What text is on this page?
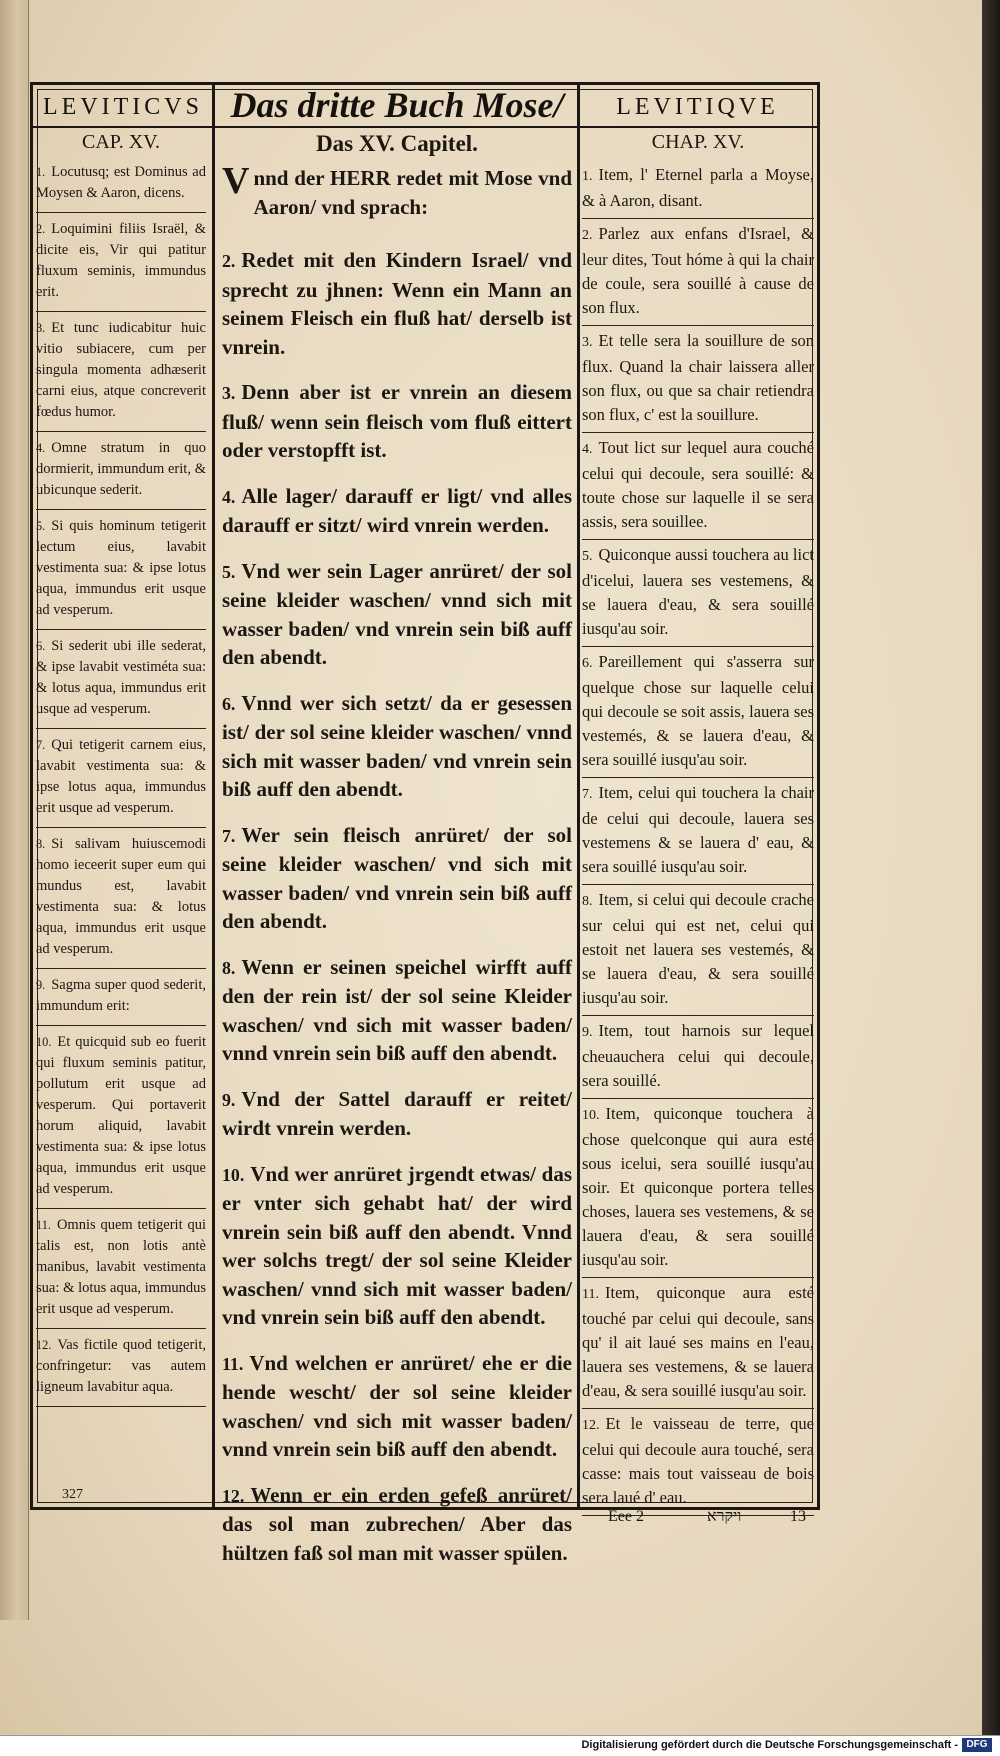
LEVITICVS Das dritte Buch Mose/	LEVITIQVE
CAP. XV.

1. Locutusq; est Dominus ad Moysen & Aaron, dicens.

2. Loquimini filiis Israël, & dicite eis, Vir qui patitur fluxum seminis, immundus erit.

3. Et tunc iudicabitur huic vitio subiacere, cum per singula momenta adhæserit carni eius, atque concreverit fœdus humor.

4. Omne stratum in quo dormierit, immundum erit, & ubicunque sederit.

5. Si quis hominum tetigerit lectum eius, lavabit vestimenta sua: & ipse lotus aqua, immundus erit usque ad vesperum.

6. Si sederit ubi ille sederat, & ipse lavabit vestiméta sua: & lotus aqua, immundus erit usque ad vesperum.

7. Qui tetigerit carnem eius, lavabit vestimenta sua: & ipse lotus aqua, immundus erit usque ad vesperum.

8. Si salivam huiuscemodi homo ieceerit super eum qui mundus est, lavabit vestimenta sua: & lotus aqua, immundus erit usque ad vesperum.

9. Sagma super quod sederit, immundum erit:

10. Et quicquid sub eo fuerit qui fluxum seminis patitur, pollutum erit usque ad vesperum. Qui portaverit horum aliquid, lavabit vestimenta sua: & ipse lotus aqua, immundus erit usque ad vesperum.

11. Omnis quem tetigerit qui talis est, non lotis antè manibus, lavabit vestimenta sua: & lotus aqua, immundus erit usque ad vesperum.

12. Vas fictile quod tetigerit, confringetur: vas autem ligneum lavabitur aqua.

Das XV. Capitel.

Vnnd der HERR redet mit Mose vnd Aaron/ vnd sprach:

2. Redet mit den Kindern Israel/ vnd sprecht zu jhnen: Wenn ein Mann an seinem Fleisch ein fluß hat/ derselb ist vnrein.

3. Denn aber ist er vnrein an diesem fluß/ wenn sein fleisch vom fluß eittert oder verstopfft ist.

4. Alle lager/ darauff er ligt/ vnd alles darauff er sitzt/ wird vnrein werden.

5. Vnd wer sein Lager anrüret/ der sol seine kleider waschen/ vnnd sich mit wasser baden/ vnd vnrein sein biß auff den abendt.

6. Vnnd wer sich setzt/ da er gesessen ist/ der sol seine kleider waschen/ vnnd sich mit wasser baden/ vnd vnrein sein biß auff den abendt.

7. Wer sein fleisch anrüret/ der sol seine kleider waschen/ vnd sich mit wasser baden/ vnd vnrein sein biß auff den abendt.

8. Wenn er seinen speichel wirfft auff den der rein ist/ der sol seine Kleider waschen/ vnd sich mit wasser baden/ vnnd vnrein sein biß auff den abendt.

9. Vnd der Sattel darauff er reitet/ wirdt vnrein werden.

10. Vnd wer anrüret jrgendt etwas/ das er vnter sich gehabt hat/ der wird vnrein sein biß auff den abendt. Vnnd wer solchs tregt/ der sol seine Kleider waschen/ vnnd sich mit wasser baden/ vnd vnrein sein biß auff den abendt.

11. Vnd welchen er anrüret/ ehe er die hende wescht/ der sol seine kleider waschen/ vnd sich mit wasser baden/ vnnd vnrein sein biß auff den abendt.

12. Wenn er ein erden gefeß anrüret/ das sol man zubrechen/ Aber das hültzen faß sol man mit wasser spülen.

CHAP. XV.

1. Item, l' Eternel parla a Moyse, & à Aaron, disant.

2. Parlez aux enfans d'Israel, & leur dites, Tout hóme à qui la chair de coule, sera souillé à cause de son flux.

3. Et telle sera la souillure de son flux. Quand la chair laissera aller son flux, ou que sa chair retiendra son flux, c' est la souillure.

4. Tout lict sur lequel aura couché celui qui decoule, sera souillé: & toute chose sur laquelle il se sera assis, sera souillee.

5. Quiconque aussi touchera au lict d'icelui, lauera ses vestemens, & se lauera d'eau, & sera souillé iusqu'au soir.

6. Pareillement qui s'asserra sur quelque chose sur laquelle celui qui decoule se soit assis, lauera ses vestemés, & se lauera d'eau, & sera souillé iusqu'au soir.

7. Item, celui qui touchera la chair de celui qui decoule, lauera ses vestemens & se lauera d' eau, & sera souillé iusqu'au soir.

8. Item, si celui qui decoule crache sur celui qui est net, celui qui estoit net lauera ses vestemés, & se lauera d'eau, & sera souillé iusqu'au soir.

9. Item, tout harnois sur lequel cheuauchera celui qui decoule, sera souillé.

10. Item, quiconque touchera à chose quelconque qui aura esté sous icelui, sera souillé iusqu'au soir. Et quiconque portera telles choses, lauera ses vestemens, & se lauera d'eau, & sera souillé iusqu'au soir.

11. Item, quiconque aura esté touché par celui qui decoule, sans qu' il ait laué ses mains en l'eau, lauera ses vestemens, & se lauera d'eau, & sera souillé iusqu'au soir.

12. Et le vaisseau de terre, que celui qui decoule aura touché, sera casse: mais tout vaisseau de bois sera laué d' eau.

327
Eee 2	ויקרא	13
Digitalisierung gefördert durch die Deutsche Forschungsgemeinschaft - DFG
